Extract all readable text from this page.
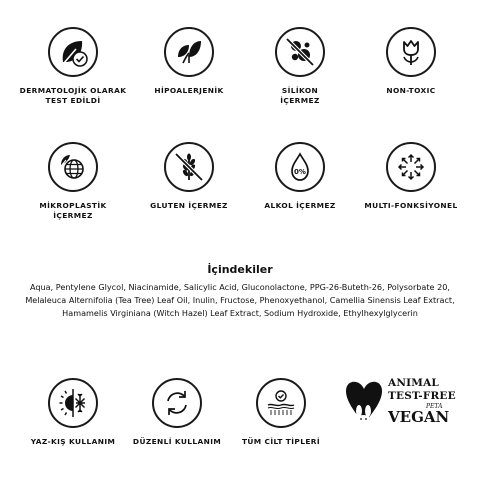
DERMATOLOJİK OLARAK
TEST EDİLDİ
HİPOALERJENİK	SİLİKON
İÇERMEZ
NON-TOXIC
MİKROPLASTİK
İÇERMEZ
GLUTEN İÇERMEZ
0%
ALKOL İÇERMEZ	MULTI-FONKSİYONEL
İçindekiler
Aqua, Pentylene Glycol, Niacinamide, Salicylic Acid, Gluconolactone, PPG-26-Buteth-26, Polysorbate 20, Melaleuca Alternifolia (Tea Tree) Leaf Oil, Inulin, Fructose, Phenoxyethanol, Camellia Sinensis Leaf Extract, Hamamelis Virginiana (Witch Hazel) Leaf Extract, Sodium Hydroxide, Ethylhexylglycerin
YAZ-KIŞ KULLANIM	DÜZENLİ KULLANIM	TÜM CİLT TİPLERİ
ANIMAL
TEST-FREE
PETA
VEGAN
